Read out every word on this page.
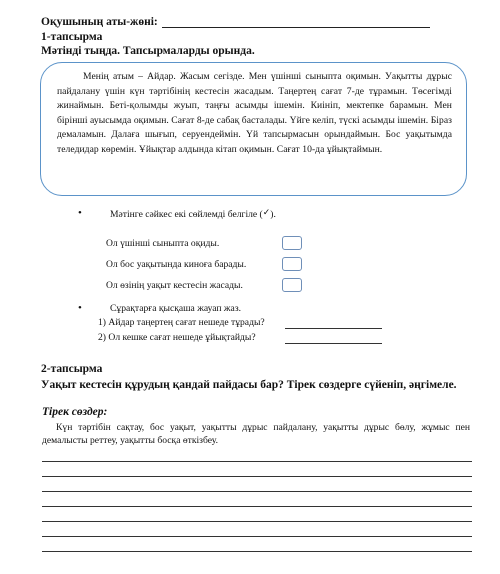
Оқушының аты-жөні:
1-тапсырма
Мәтінді тыңда. Тапсырмаларды орында.

Менің атым – Айдар. Жасым сегізде. Мен үшінші сыныпта оқимын. Уақытты дұрыс пайдалану үшін күн тәртібінің кестесін жасадым. Таңертең сағат 7-де тұрамын. Төсегімді жинаймын. Беті-қолымды жуып, таңғы асымды ішемін. Киініп, мектепке барамын. Мен бірінші ауысымда оқимын. Сағат 8-де сабақ басталады. Үйге келіп, түскі асымды ішемін. Біраз демаламын. Далаға шығып, серуендеймін. Үй тапсырмасын орындаймын. Бос уақытымда теледидар көремін. Ұйықтар алдында кітап оқимын. Сағат 10-да ұйықтаймын.

•	Мәтінге сәйкес екі сөйлемді белгіле (✓).
Ол үшінші сыныпта оқиды.
Ол бос уақытында киноға барады.
Ол өзінің уақыт кестесін жасады.
•	Сұрақтарға қысқаша жауап жаз.
1) Айдар таңертең сағат нешеде тұрады?
2) Ол кешке сағат нешеде ұйықтайды?
2-тапсырма
Уақыт кестесін құрудың қандай пайдасы бар? Тірек сөздерге сүйеніп, әңгімеле.
Тірек сөздер:
Күн тәртібін сақтау, бос уақыт, уақытты дұрыс пайдалану, уақытты дұрыс бөлу, жұмыс пен демалысты реттеу, уақытты босқа өткізбеу.
